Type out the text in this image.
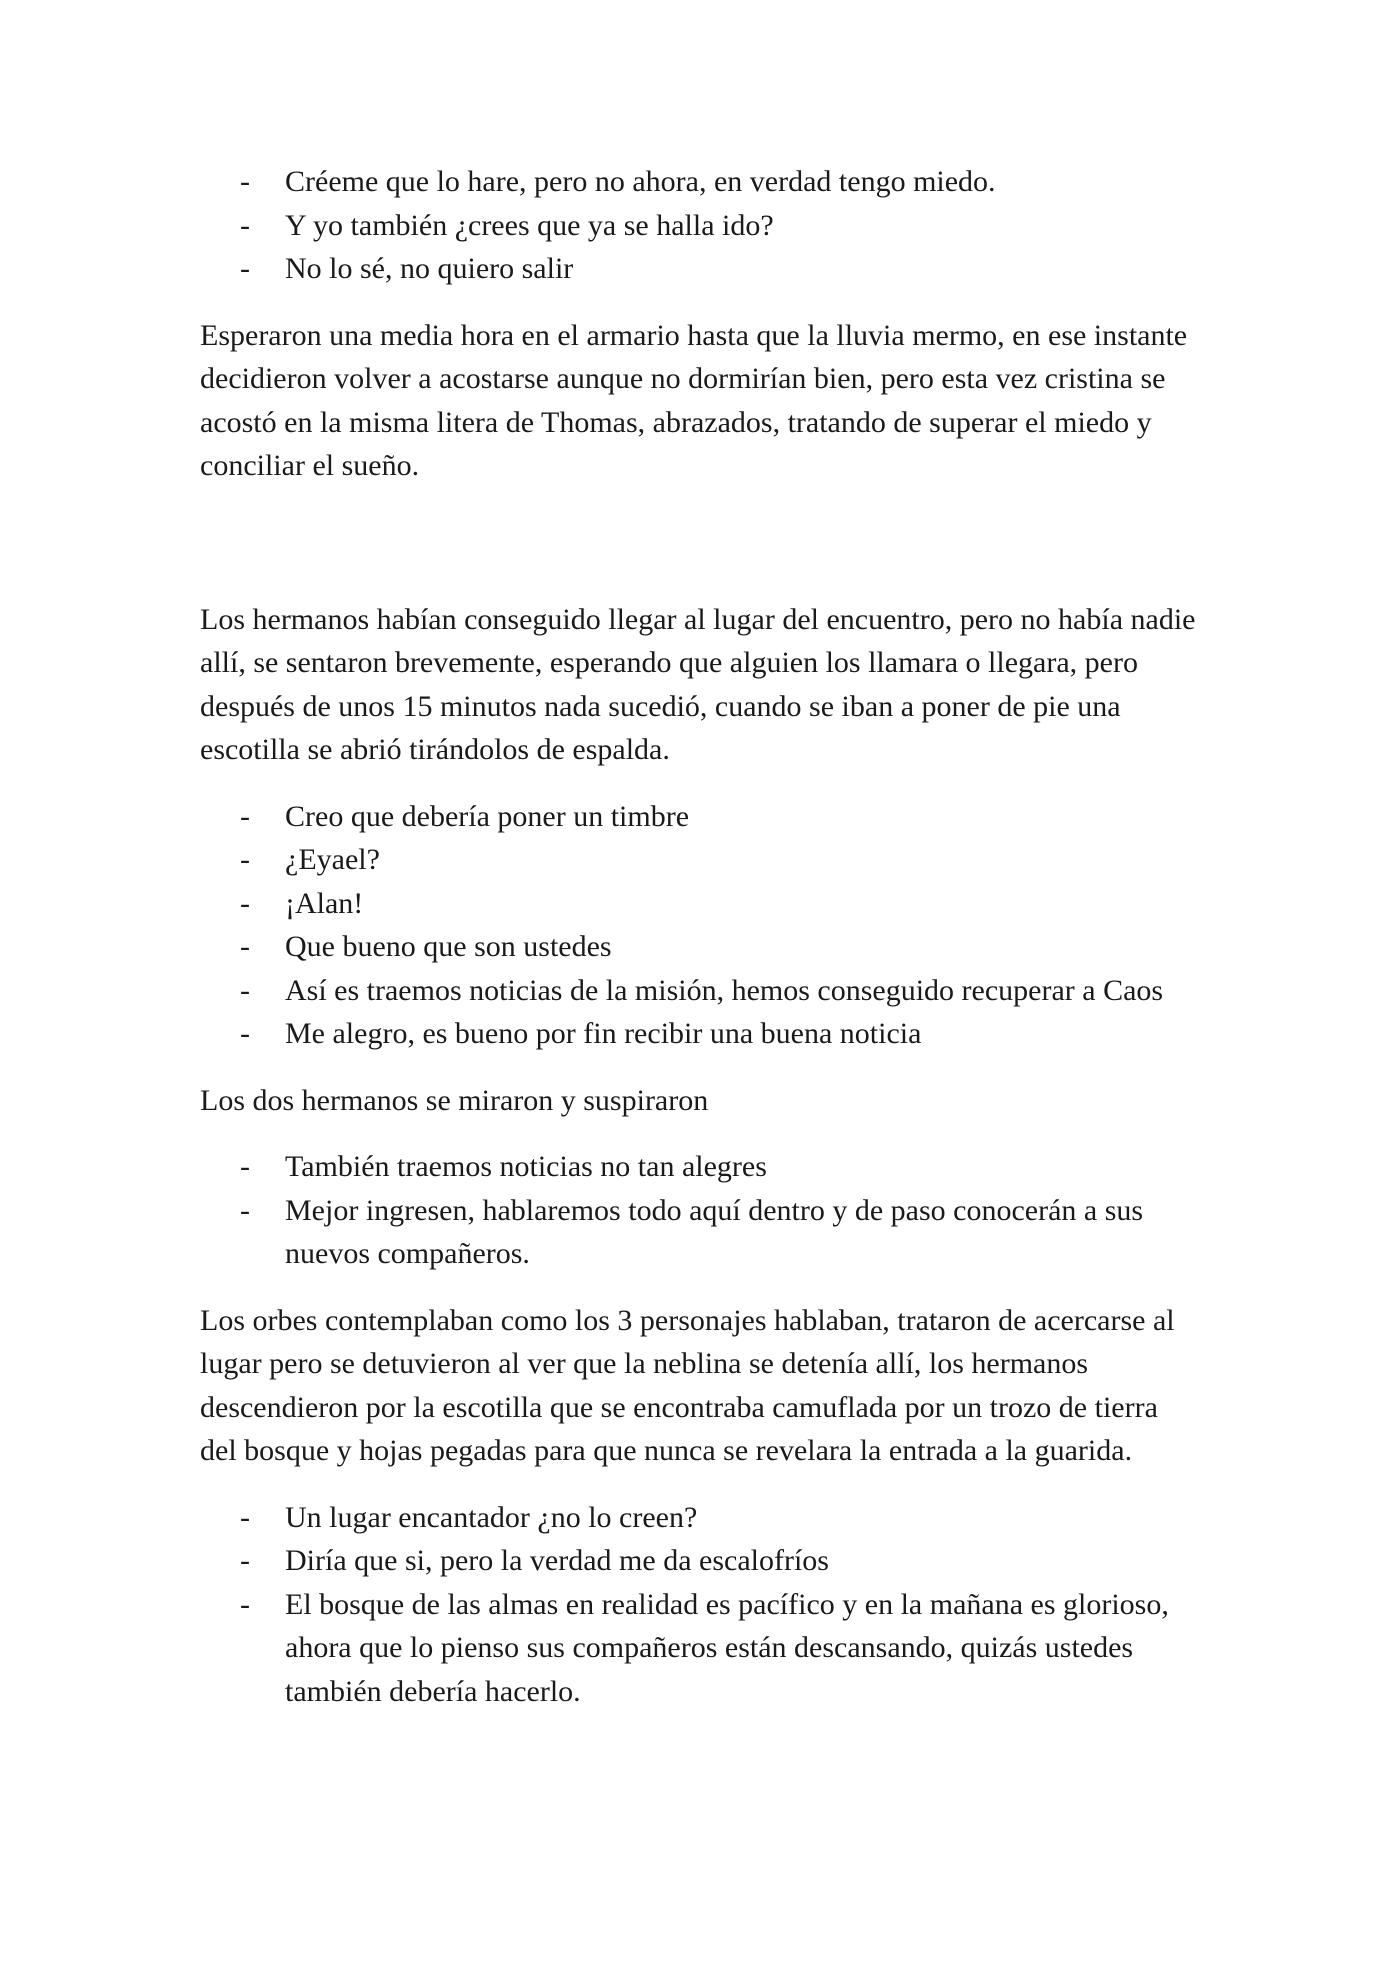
- Créeme que lo hare, pero no ahora, en verdad tengo miedo.
- Y yo también ¿crees que ya se halla ido?
- No lo sé, no quiero salir

Esperaron una media hora en el armario hasta que la lluvia mermo, en ese instante decidieron volver a acostarse aunque no dormirían bien, pero esta vez cristina se acostó en la misma litera de Thomas, abrazados, tratando de superar el miedo y conciliar el sueño.

Los hermanos habían conseguido llegar al lugar del encuentro, pero no había nadie allí, se sentaron brevemente, esperando que alguien los llamara o llegara, pero después de unos 15 minutos nada sucedió, cuando se iban a poner de pie una escotilla se abrió tirándolos de espalda.

- Creo que debería poner un timbre
- ¿Eyael?
- ¡Alan!
- Que bueno que son ustedes
- Así es traemos noticias de la misión, hemos conseguido recuperar a Caos
- Me alegro, es bueno por fin recibir una buena noticia

Los dos hermanos se miraron y suspiraron

- También traemos noticias no tan alegres
- Mejor ingresen, hablaremos todo aquí dentro y de paso conocerán a sus nuevos compañeros.

Los orbes contemplaban como los 3 personajes hablaban, trataron de acercarse al lugar pero se detuvieron al ver que la neblina se detenía allí, los hermanos descendieron por la escotilla que se encontraba camuflada por un trozo de tierra del bosque y hojas pegadas para que nunca se revelara la entrada a la guarida.

- Un lugar encantador ¿no lo creen?
- Diría que si, pero la verdad me da escalofríos
- El bosque de las almas en realidad es pacífico y en la mañana es glorioso, ahora que lo pienso sus compañeros están descansando, quizás ustedes también debería hacerlo.
